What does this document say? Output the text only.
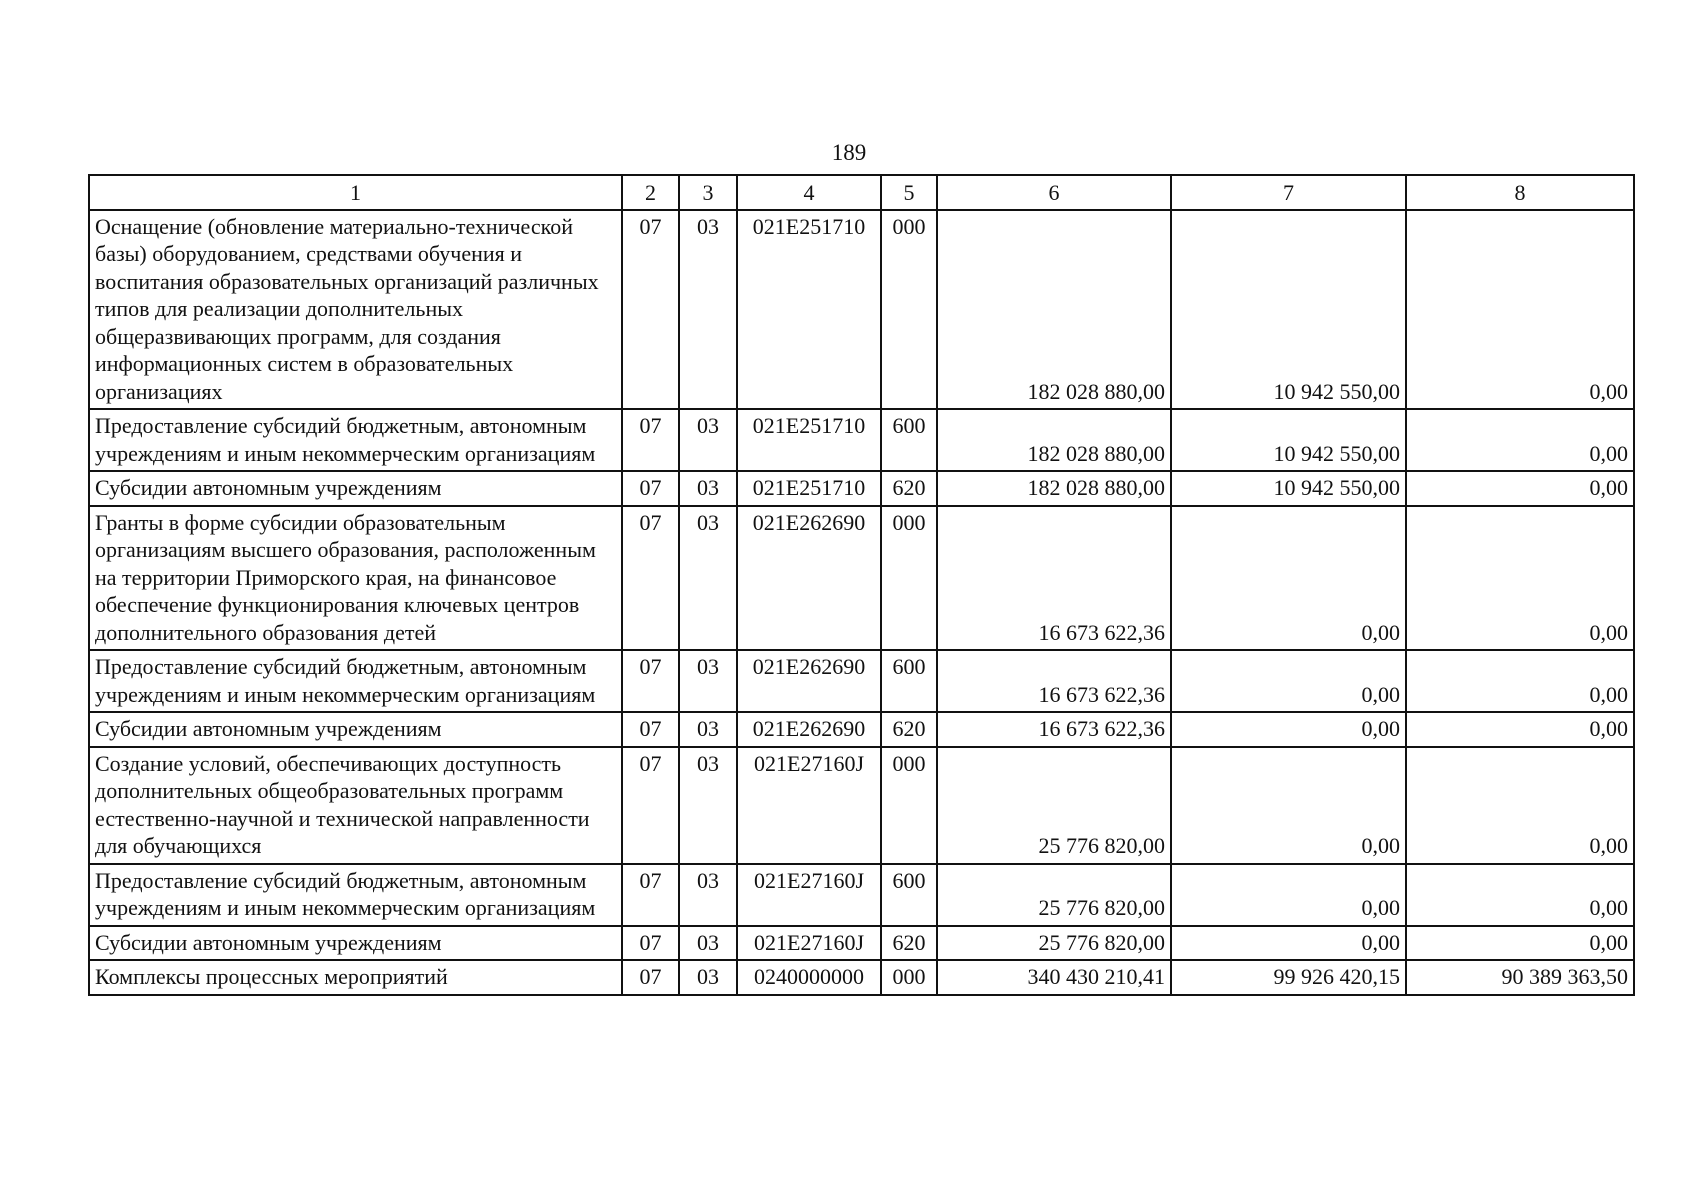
189
1	2	3	4	5	6	7	8
Оснащение (обновление материально-технической базы) оборудованием, средствами обучения и воспитания образовательных организаций различных типов для реализации дополнительных общеразвивающих программ, для создания информационных систем в образовательных организациях	07	03	021E251710	000	182 028 880,00	10 942 550,00	0,00
Предоставление субсидий бюджетным, автономным учреждениям и иным некоммерческим организациям	07	03	021E251710	600	182 028 880,00	10 942 550,00	0,00
Субсидии автономным учреждениям	07	03	021E251710	620	182 028 880,00	10 942 550,00	0,00
Гранты в форме субсидии образовательным организациям высшего образования, расположенным на территории Приморского края, на финансовое обеспечение функционирования ключевых центров дополнительного образования детей	07	03	021E262690	000	16 673 622,36	0,00	0,00
Предоставление субсидий бюджетным, автономным учреждениям и иным некоммерческим организациям	07	03	021E262690	600	16 673 622,36	0,00	0,00
Субсидии автономным учреждениям	07	03	021E262690	620	16 673 622,36	0,00	0,00
Создание условий, обеспечивающих доступность дополнительных общеобразовательных программ естественно-научной и технической направленности для обучающихся	07	03	021E27160J	000	25 776 820,00	0,00	0,00
Предоставление субсидий бюджетным, автономным учреждениям и иным некоммерческим организациям	07	03	021E27160J	600	25 776 820,00	0,00	0,00
Субсидии автономным учреждениям	07	03	021E27160J	620	25 776 820,00	0,00	0,00
Комплексы процессных мероприятий	07	03	0240000000	000	340 430 210,41	99 926 420,15	90 389 363,50
